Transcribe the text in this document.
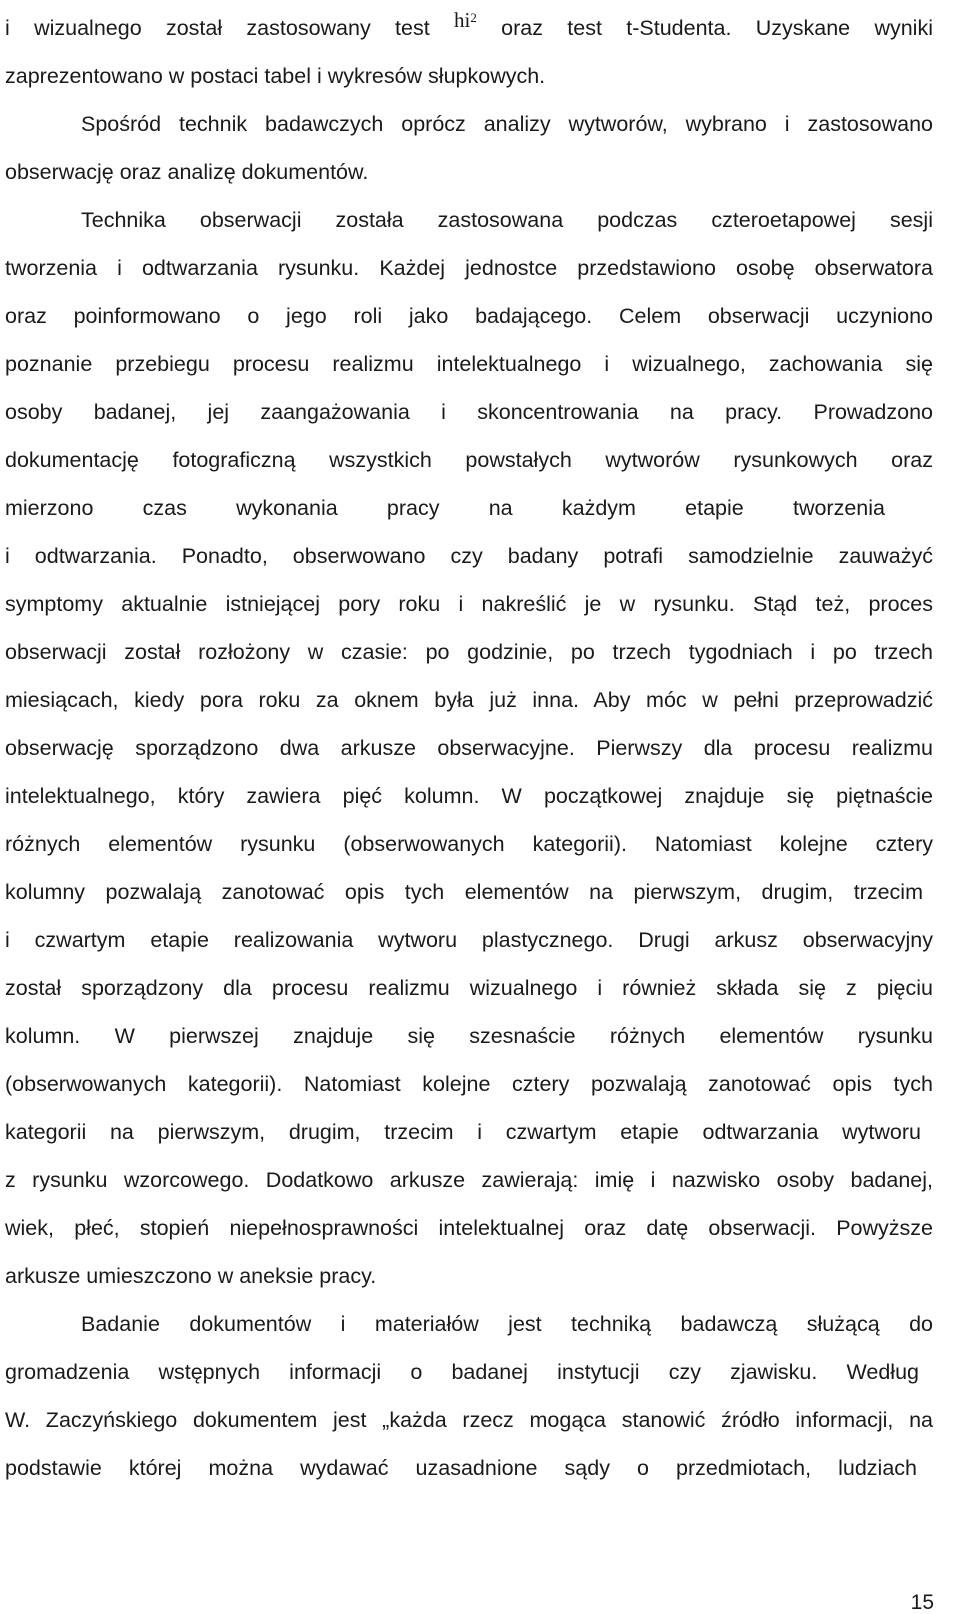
i wizualnego został zastosowany test $hi^2$ oraz test t-Studenta. Uzyskane wyniki
zaprezentowano w postaci tabel i wykresów słupkowych.
Spośród technik badawczych oprócz analizy wytworów, wybrano i zastosowano
obserwację oraz analizę dokumentów.
Technika obserwacji została zastosowana podczas czteroetapowej sesji
tworzenia i odtwarzania rysunku. Każdej jednostce przedstawiono osobę obserwatora
oraz poinformowano o jego roli jako badającego. Celem obserwacji uczyniono
poznanie przebiegu procesu realizmu intelektualnego i wizualnego, zachowania się
osoby badanej, jej zaangażowania i skoncentrowania na pracy. Prowadzono
dokumentację fotograficzną wszystkich powstałych wytworów rysunkowych oraz
mierzono czas wykonania pracy na każdym etapie tworzenia
i odtwarzania. Ponadto, obserwowano czy badany potrafi samodzielnie zauważyć
symptomy aktualnie istniejącej pory roku i nakreślić je w rysunku. Stąd też, proces
obserwacji został rozłożony w czasie: po godzinie, po trzech tygodniach i po trzech
miesiącach, kiedy pora roku za oknem była już inna. Aby móc w pełni przeprowadzić
obserwację sporządzono dwa arkusze obserwacyjne. Pierwszy dla procesu realizmu
intelektualnego, który zawiera pięć kolumn. W początkowej znajduje się piętnaście
różnych elementów rysunku (obserwowanych kategorii). Natomiast kolejne cztery
kolumny pozwalają zanotować opis tych elementów na pierwszym, drugim, trzecim
i czwartym etapie realizowania wytworu plastycznego. Drugi arkusz obserwacyjny
został sporządzony dla procesu realizmu wizualnego i również składa się z pięciu
kolumn. W pierwszej znajduje się szesnaście różnych elementów rysunku
(obserwowanych kategorii). Natomiast kolejne cztery pozwalają zanotować opis tych
kategorii na pierwszym, drugim, trzecim i czwartym etapie odtwarzania wytworu
z rysunku wzorcowego. Dodatkowo arkusze zawierają: imię i nazwisko osoby badanej,
wiek, płeć, stopień niepełnosprawności intelektualnej oraz datę obserwacji. Powyższe
arkusze umieszczono w aneksie pracy.
Badanie dokumentów i materiałów jest techniką badawczą służącą do
gromadzenia wstępnych informacji o badanej instytucji czy zjawisku. Według
W. Zaczyńskiego dokumentem jest „każda rzecz mogąca stanowić źródło informacji, na
podstawie której można wydawać uzasadnione sądy o przedmiotach, ludziach
15
